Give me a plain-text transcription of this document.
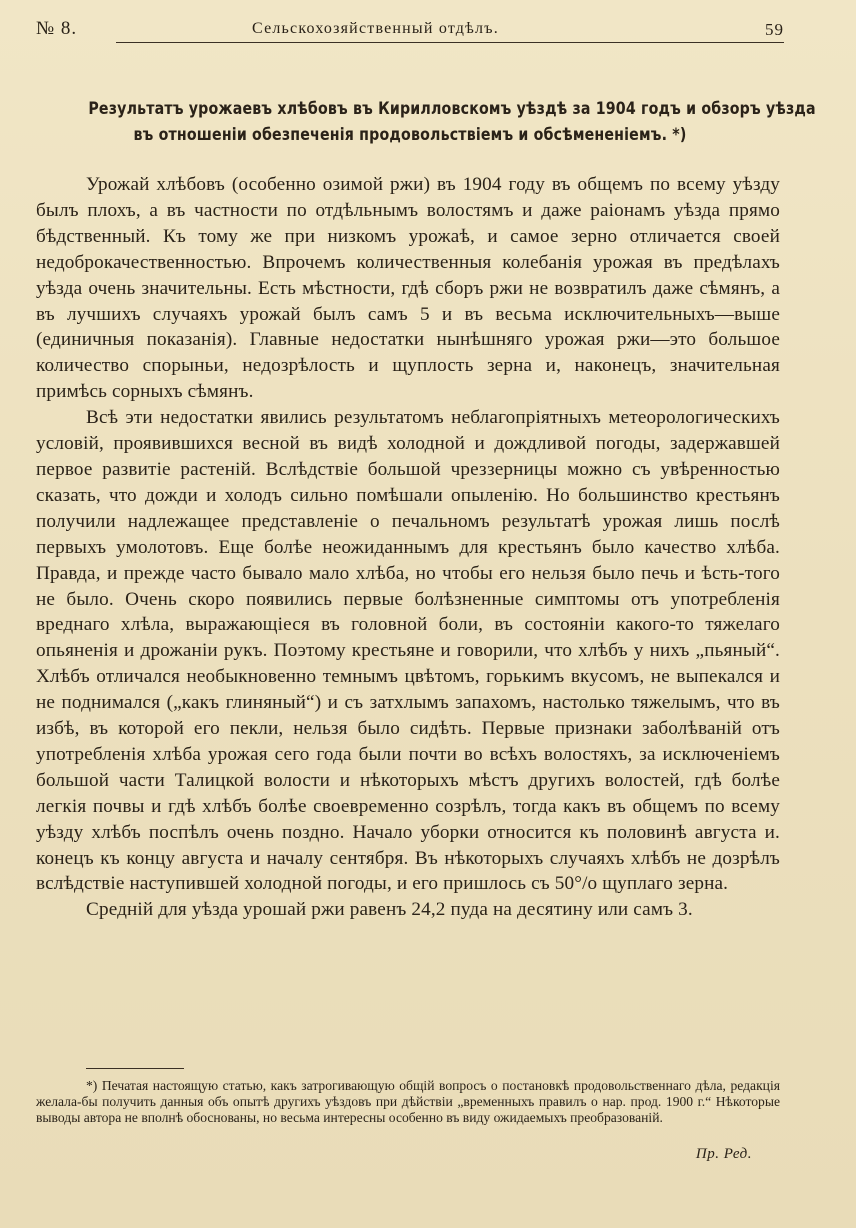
№ 8.	Сельскохозяйственный отдѣлъ.	59
Результатъ урожаевъ хлѣбовъ въ Кирилловскомъ уѣздѣ за 1904 годъ и обзоръ уѣзда
въ отношеніи обезпеченія продовольствіемъ и обсѣмененіемъ. *)

Урожай хлѣбовъ (особенно озимой ржи) въ 1904 году въ общемъ по всему уѣзду былъ плохъ, а въ частности по отдѣльнымъ волостямъ и даже раіонамъ уѣзда прямо бѣдственный. Къ тому же при низкомъ урожаѣ, и самое зерно отличается своей недоброкачественностью. Впрочемъ количественныя колебанія урожая въ предѣлахъ уѣзда очень значительны. Есть мѣстности, гдѣ сборъ ржи не возвратилъ даже сѣмянъ, а въ лучшихъ случаяхъ урожай былъ самъ 5 и въ весьма исключительныхъ—выше (единичныя показанія). Главные недостатки нынѣшняго урожая ржи—это большое количество спорыньи, недозрѣлость и щуплость зерна и, наконецъ, значительная примѣсь сорныхъ сѣмянъ.

Всѣ эти недостатки явились результатомъ неблагопріятныхъ метеорологическихъ условій, проявившихся весной въ видѣ холодной и дождливой погоды, задержавшей первое развитіе растеній. Вслѣдствіе большой чреззерницы можно съ увѣренностью сказать, что дожди и холодъ сильно помѣшали опыленію. Но большинство крестьянъ получили надлежащее представленіе о печальномъ результатѣ урожая лишь послѣ первыхъ умолотовъ. Еще болѣе неожиданнымъ для крестьянъ было качество хлѣба. Правда, и прежде часто бывало мало хлѣба, но чтобы его нельзя было печь и ѣсть-того не было. Очень скоро появились первые болѣзненные симптомы отъ употребленія вреднаго хлѣла, выражающіеся въ головной боли, въ состояніи какого-то тяжелаго опьяненія и дрожаніи рукъ. Поэтому крестьяне и говорили, что хлѣбъ у нихъ „пьяный“. Хлѣбъ отличался необыкновенно темнымъ цвѣтомъ, горькимъ вкусомъ, не выпекался и не поднимался („какъ глиняный“) и съ затхлымъ запахомъ, настолько тяжелымъ, что въ избѣ, въ которой его пекли, нельзя было сидѣть. Первые признаки заболѣваній отъ употребленія хлѣба урожая сего года были почти во всѣхъ волостяхъ, за исключеніемъ большой части Талицкой волости и нѣкоторыхъ мѣстъ другихъ волостей, гдѣ болѣе легкія почвы и гдѣ хлѣбъ болѣе своевременно созрѣлъ, тогда какъ въ общемъ по всему уѣзду хлѣбъ поспѣлъ очень поздно. Начало уборки относится къ половинѣ августа и. конецъ къ концу августа и началу сентября. Въ нѣкоторыхъ случаяхъ хлѣбъ не дозрѣлъ вслѣдствіе наступившей холодной погоды, и его пришлось съ 50°/o щуплаго зерна.

Среднiй для уѣзда урошай ржи равенъ 24,2 пуда на десятину или самъ 3.

*) Печатая настоящую статью, какъ затрогивающую общій вопросъ о постановкѣ продовольственнаго дѣла, редакція желала-бы получить данныя объ опытѣ другихъ уѣздовъ при дѣйствіи „временныхъ правилъ о нар. прод. 1900 г.“ Нѣкоторые выводы автора не вполнѣ обоснованы, но весьма интересны особенно въ виду ожидаемыхъ преобразованій.

Пр. Ред.
